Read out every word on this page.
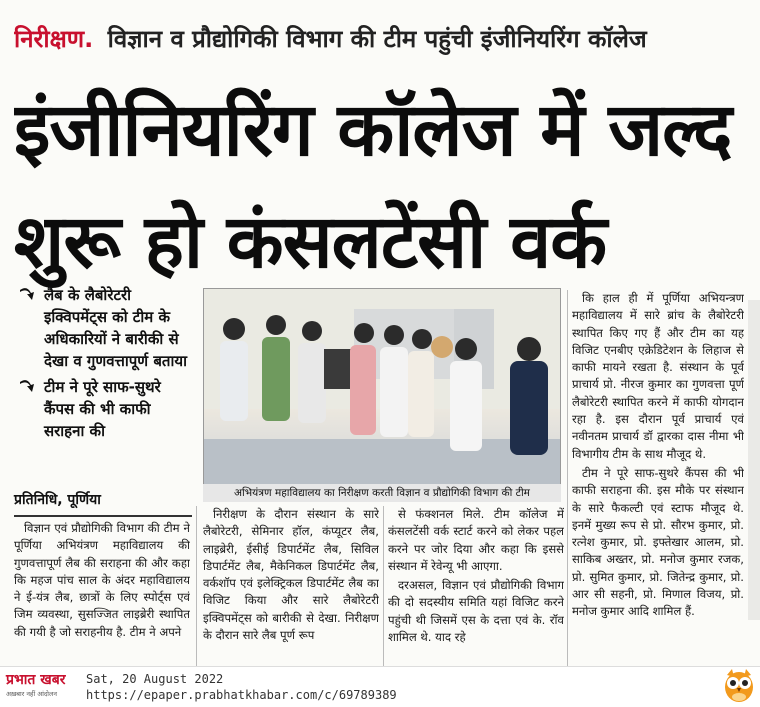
निरीक्षण. विज्ञान व प्रौद्योगिकी विभाग की टीम पहुंची इंजीनियरिंग कॉलेज
इंजीनियरिंग कॉलेज में जल्द
शुरू हो कंसलटेंसी वर्क
लैब के लैबोरेटरी इक्विपमेंट्स को टीम के अधिकारियों ने बारीकी से देखा व गुणवत्तापूर्ण बताया
टीम ने पूरे साफ-सुथरे कैंपस की भी काफी सराहना की
प्रतिनिधि, पूर्णिया	अभियंत्रण महाविद्यालय का निरीक्षण करती विज्ञान व प्रौद्योगिकी विभाग की टीम

विज्ञान एवं प्रौद्योगिकी विभाग की टीम ने पूर्णिया अभियंत्रण महाविद्यालय की गुणवत्तापूर्ण लैब की सराहना की और कहा कि महज पांच साल के अंदर महाविद्यालय ने ई-यंत्र लैब, छात्रों के लिए स्पोर्ट्स एवं जिम व्यवस्था, सुसज्जित लाइब्रेरी स्थापित की गयी है जो सराहनीय है. टीम ने अपने

निरीक्षण के दौरान संस्थान के सारे लैबोरेटरी, सेमिनार हॉल, कंप्यूटर लैब, लाइब्रेरी, ईसीई डिपार्टमेंट लैब, सिविल डिपार्टमेंट लैब, मैकेनिकल डिपार्टमेंट लैब, वर्कशॉप एवं इलेक्ट्रिकल डिपार्टमेंट लैब का विजिट किया और सारे लैबोरेटरी इक्विपमेंट्स को बारीकी से देखा. निरीक्षण के दौरान सारे लैब पूर्ण रूप

से फंक्शनल मिले. टीम कॉलेज में कंसलटेंसी वर्क स्टार्ट करने को लेकर पहल करने पर जोर दिया और कहा कि इससे संस्थान में रेवेन्यू भी आएगा.

दरअसल, विज्ञान एवं प्रौद्योगिकी विभाग की दो सदस्यीय समिति यहां विजिट करने पहुंची थी जिसमें एस के दत्ता एवं के. रॉव शामिल थे. याद रहे

कि हाल ही में पूर्णिया अभियन्त्रण महाविद्यालय में सारे ब्रांच के लैबोरेटरी स्थापित किए गए हैं और टीम का यह विजिट एनबीए एक्रेडिटेशन के लिहाज से काफी मायने रखता है. संस्थान के पूर्व प्राचार्य प्रो. नीरज कुमार का गुणवत्ता पूर्ण लैबोरेटरी स्थापित करने में काफी योगदान रहा है. इस दौरान पूर्व प्राचार्य एवं नवीनतम प्राचार्य डॉ द्वारका दास नीमा भी विभागीय टीम के साथ मौजूद थे.

टीम ने पूरे साफ-सुथरे कैंपस की भी काफी सराहना की. इस मौके पर संस्थान के सारे फैकल्टी एवं स्टाफ मौजूद थे. इनमें मुख्य रूप से प्रो. सौरभ कुमार, प्रो. रत्नेश कुमार, प्रो. इफ्तेखार आलम, प्रो. साकिब अख्तर, प्रो. मनोज कुमार रजक, प्रो. सुमित कुमार, प्रो. जितेन्द्र कुमार, प्रो. आर सी सहनी, प्रो. मिणाल विजय, प्रो. मनोज कुमार आदि शामिल हैं.

प्रभात खबर
अख़बार नहीं आंदोलन
Sat, 20 August 2022
https://epaper.prabhatkhabar.com/c/69789389
